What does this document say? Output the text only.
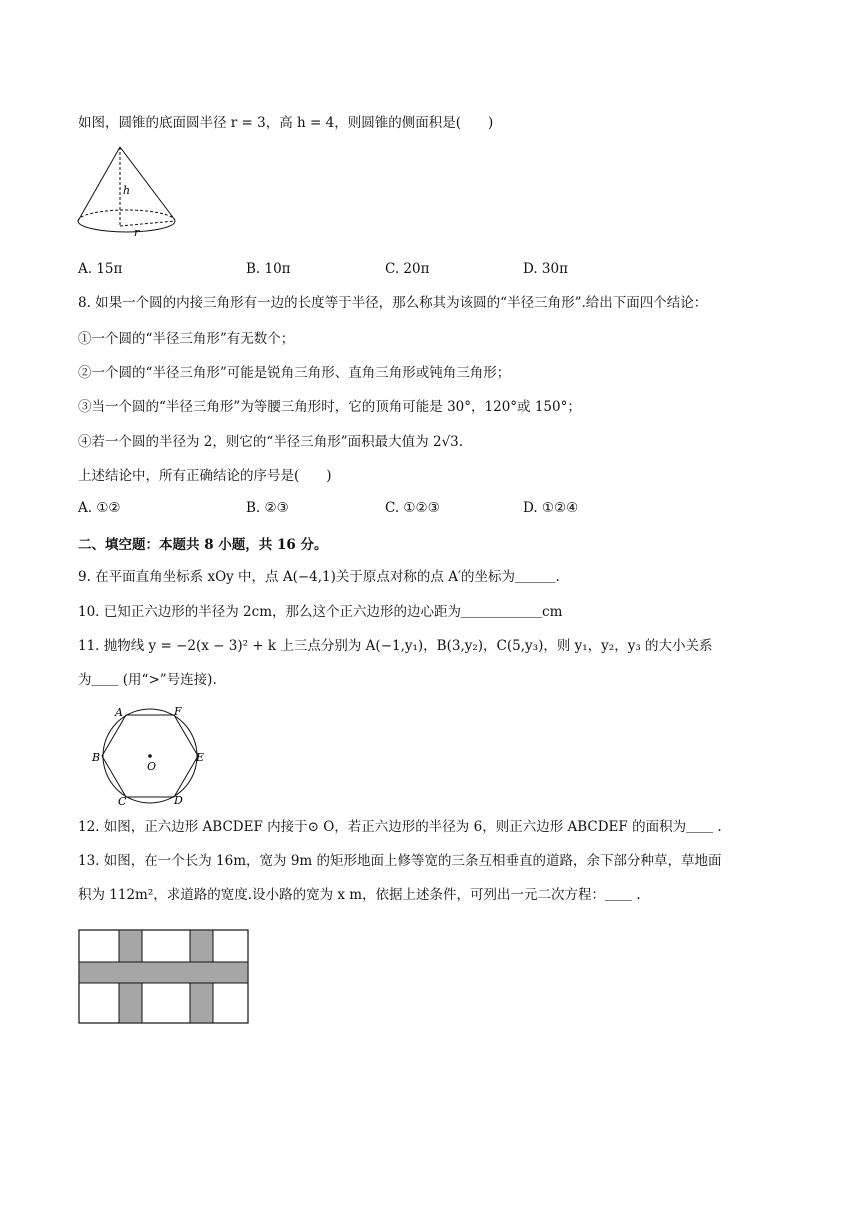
如图，圆锥的底面圆半径 r = 3，高 h = 4，则圆锥的侧面积是(　　)
h
r
A. 15π	B. 10π	C. 20π	D. 30π
8. 如果一个圆的内接三角形有一边的长度等于半径，那么称其为该圆的“半径三角形”.给出下面四个结论：
①一个圆的“半径三角形”有无数个；
②一个圆的“半径三角形”可能是锐角三角形、直角三角形或钝角三角形；
③当一个圆的“半径三角形”为等腰三角形时，它的顶角可能是 30°，120°或 150°；
④若一个圆的半径为 2，则它的“半径三角形”面积最大值为 2√3.
上述结论中，所有正确结论的序号是(　　)
A. ①②	B. ②③	C. ①②③	D. ①②④
二、填空题：本题共 8 小题，共 16 分。
9. 在平面直角坐标系 xOy 中，点 A(−4,1)关于原点对称的点 A′的坐标为＿＿＿.
10. 已知正六边形的半径为 2cm，那么这个正六边形的边心距为＿＿＿＿＿＿cm
11. 抛物线 y = −2(x − 3)² + k 上三点分别为 A(−1,y₁)，B(3,y₂)，C(5,y₃)，则 y₁，y₂，y₃ 的大小关系
为＿＿ (用“>”号连接).
A	F
B	E
C	D
O
12. 如图，正六边形 ABCDEF 内接于⊙ O，若正六边形的半径为 6，则正六边形 ABCDEF 的面积为＿＿ .
13. 如图，在一个长为 16m，宽为 9m 的矩形地面上修等宽的三条互相垂直的道路，余下部分种草，草地面
积为 112m²，求道路的宽度.设小路的宽为 x m，依据上述条件，可列出一元二次方程：＿＿ .
